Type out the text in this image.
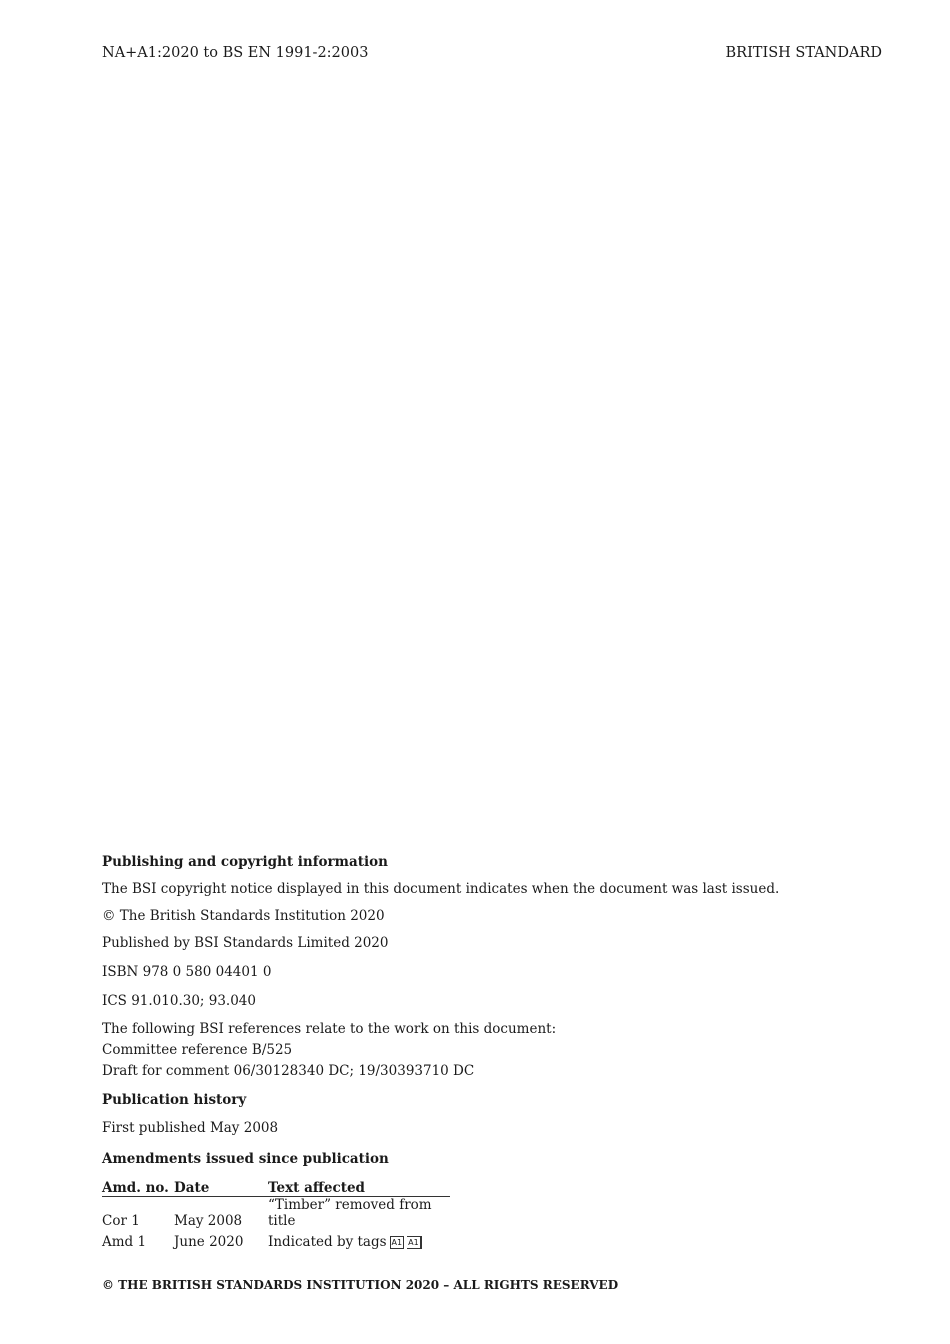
NA+A1:2020 to BS EN 1991-2:2003	BRITISH STANDARD

Publishing and copyright information

The BSI copyright notice displayed in this document indicates when the document was last issued.

© The British Standards Institution 2020

Published by BSI Standards Limited 2020

ISBN 978 0 580 04401 0

ICS 91.010.30; 93.040

The following BSI references relate to the work on this document:

Committee reference B/525

Draft for comment 06/30128340 DC; 19/30393710 DC

Publication history

First published May 2008

Amendments issued since publication

Amd. no.	Date	Text affected
Cor 1	May 2008	“Timber” removed from title
Amd 1	June 2020	Indicated by tags A1 A1
© THE BRITISH STANDARDS INSTITUTION 2020 – ALL RIGHTS RESERVED
